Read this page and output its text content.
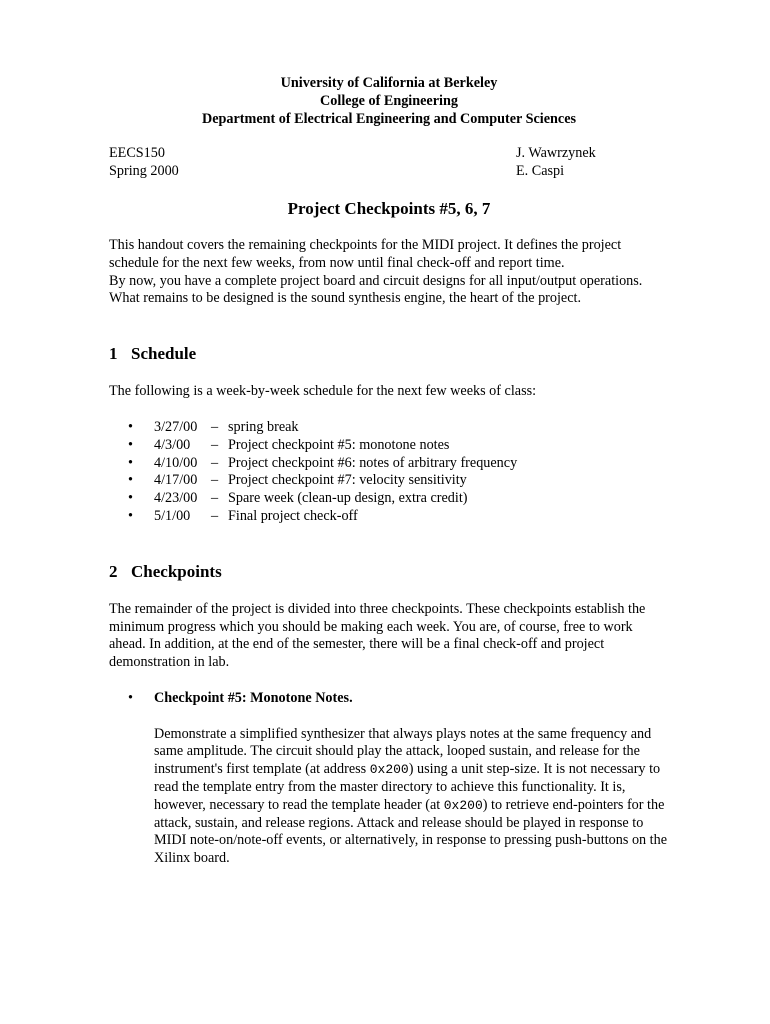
University of California at Berkeley
College of Engineering
Department of Electrical Engineering and Computer Sciences
EECS150
Spring 2000
J. Wawrzynek
E. Caspi
Project Checkpoints #5, 6, 7

This handout covers the remaining checkpoints for the MIDI project. It defines the project schedule for the next few weeks, from now until final check-off and report time.

By now, you have a complete project board and circuit designs for all input/output operations. What remains to be designed is the sound synthesis engine, the heart of the project.

1 Schedule

The following is a week-by-week schedule for the next few weeks of class:

•	3/27/00 – spring break
•	4/3/00	– Project checkpoint #5: monotone notes
•	4/10/00 – Project checkpoint #6: notes of arbitrary frequency
•	4/17/00 – Project checkpoint #7: velocity sensitivity
•	4/23/00 – Spare week (clean-up design, extra credit)
•	5/1/00	– Final project check-off
2 Checkpoints

The remainder of the project is divided into three checkpoints. These checkpoints establish the minimum progress which you should be making each week. You are, of course, free to work ahead. In addition, at the end of the semester, there will be a final check-off and project demonstration in lab.

•	Checkpoint #5: Monotone Notes.

Demonstrate a simplified synthesizer that always plays notes at the same frequency and same amplitude. The circuit should play the attack, looped sustain, and release for the instrument's first template (at address 0x200) using a unit step-size. It is not necessary to read the template entry from the master directory to achieve this functionality. It is, however, necessary to read the template header (at 0x200) to retrieve end-pointers for the attack, sustain, and release regions. Attack and release should be played in response to MIDI note-on/note-off events, or alternatively, in response to pressing push-buttons on the Xilinx board.
